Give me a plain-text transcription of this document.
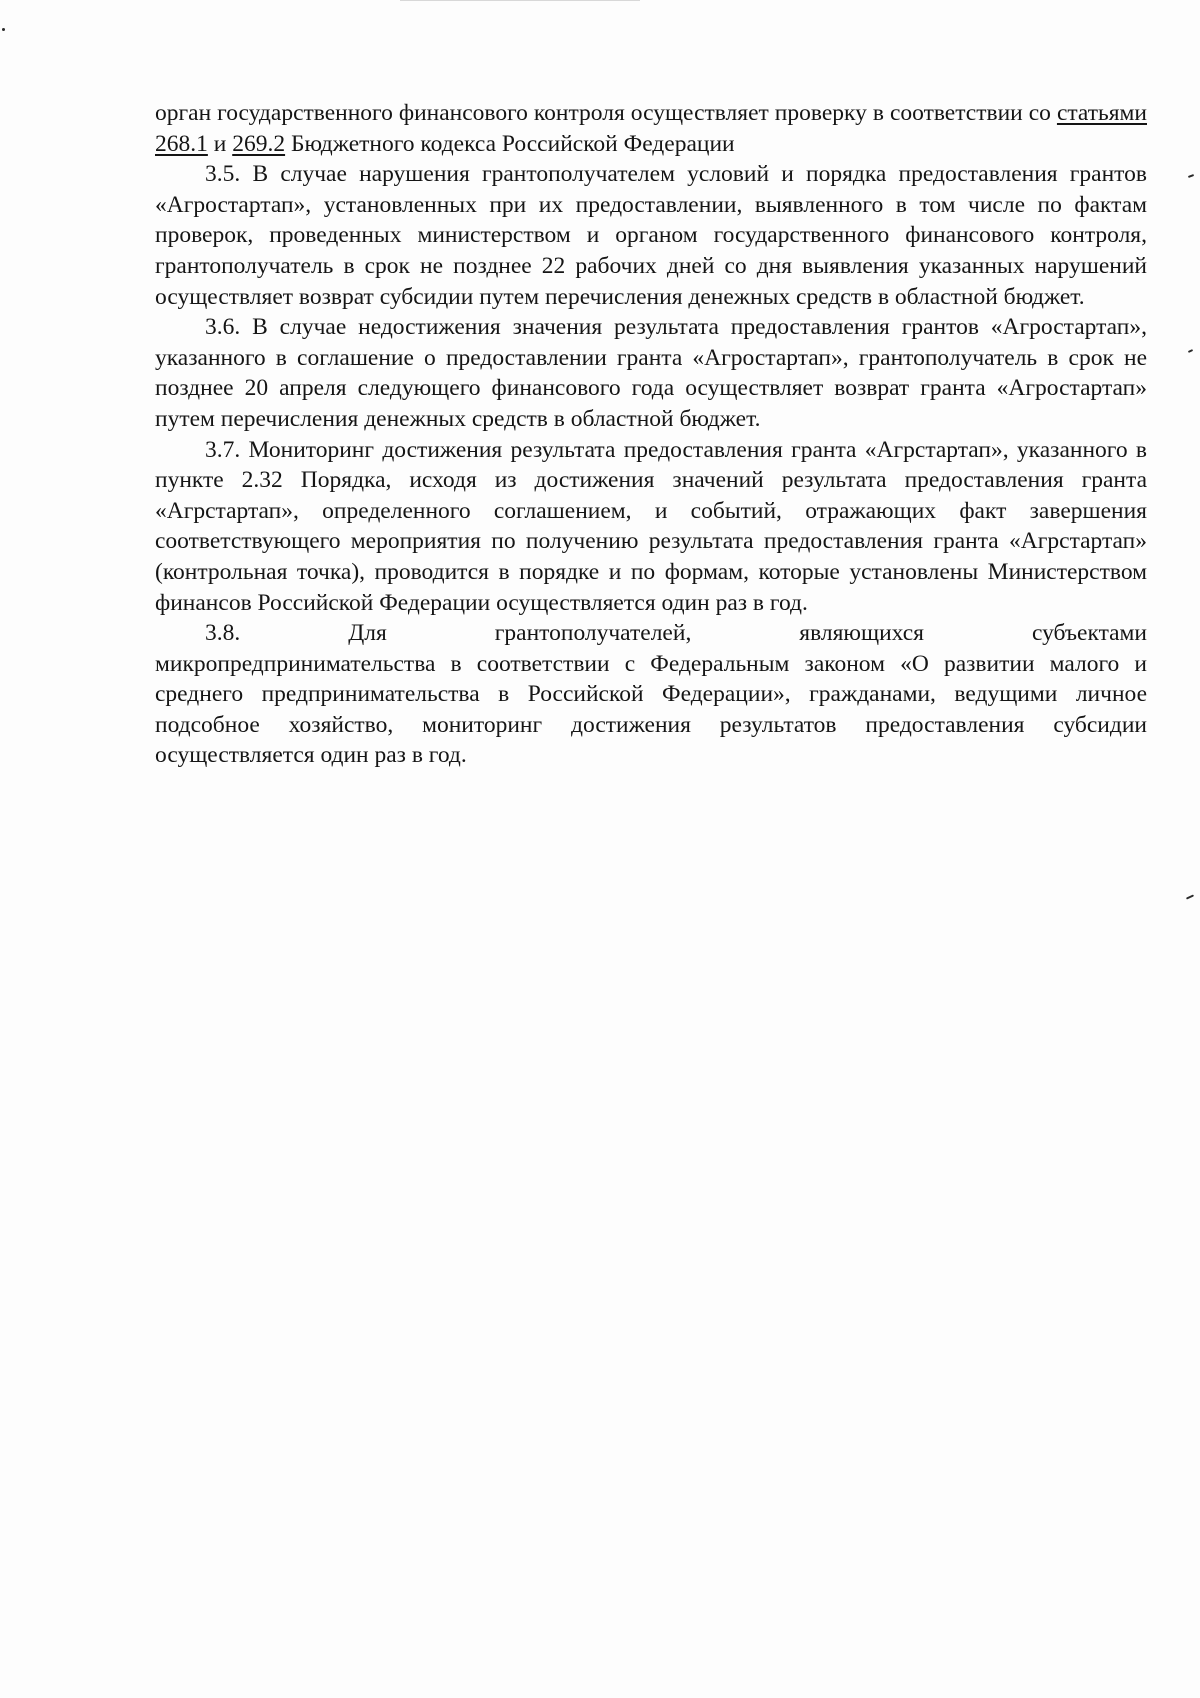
орган государственного финансового контроля осуществляет проверку в соответствии со статьями 268.1 и 269.2 Бюджетного кодекса Российской Федерации

3.5. В случае нарушения грантополучателем условий и порядка предоставления грантов «Агростартап», установленных при их предоставлении, выявленного в том числе по фактам проверок, проведенных министерством и органом государственного финансового контроля, грантополучатель в срок не позднее 22 рабочих дней со дня выявления указанных нарушений осуществляет возврат субсидии путем перечисления денежных средств в областной бюджет.

3.6. В случае недостижения значения результата предоставления грантов «Агростартап», указанного в соглашение о предоставлении гранта «Агростартап», грантополучатель в срок не позднее 20 апреля следующего финансового года осуществляет возврат гранта «Агростартап» путем перечисления денежных средств в областной бюджет.

3.7. Мониторинг достижения результата предоставления гранта «Агрстартап», указанного в пункте 2.32 Порядка, исходя из достижения значений результата предоставления гранта «Агрстартап», определенного соглашением, и событий, отражающих факт завершения соответствующего мероприятия по получению результата предоставления гранта «Агрстартап» (контрольная точка), проводится в порядке и по формам, которые установлены Министерством финансов Российской Федерации осуществляется один раз в год.

3.8. Для грантополучателей, являющихся субъектами

микропредпринимательства в соответствии с Федеральным законом «О развитии малого и среднего предпринимательства в Российской Федерации», гражданами, ведущими личное подсобное хозяйство, мониторинг достижения результатов предоставления субсидии осуществляется один раз в год.
